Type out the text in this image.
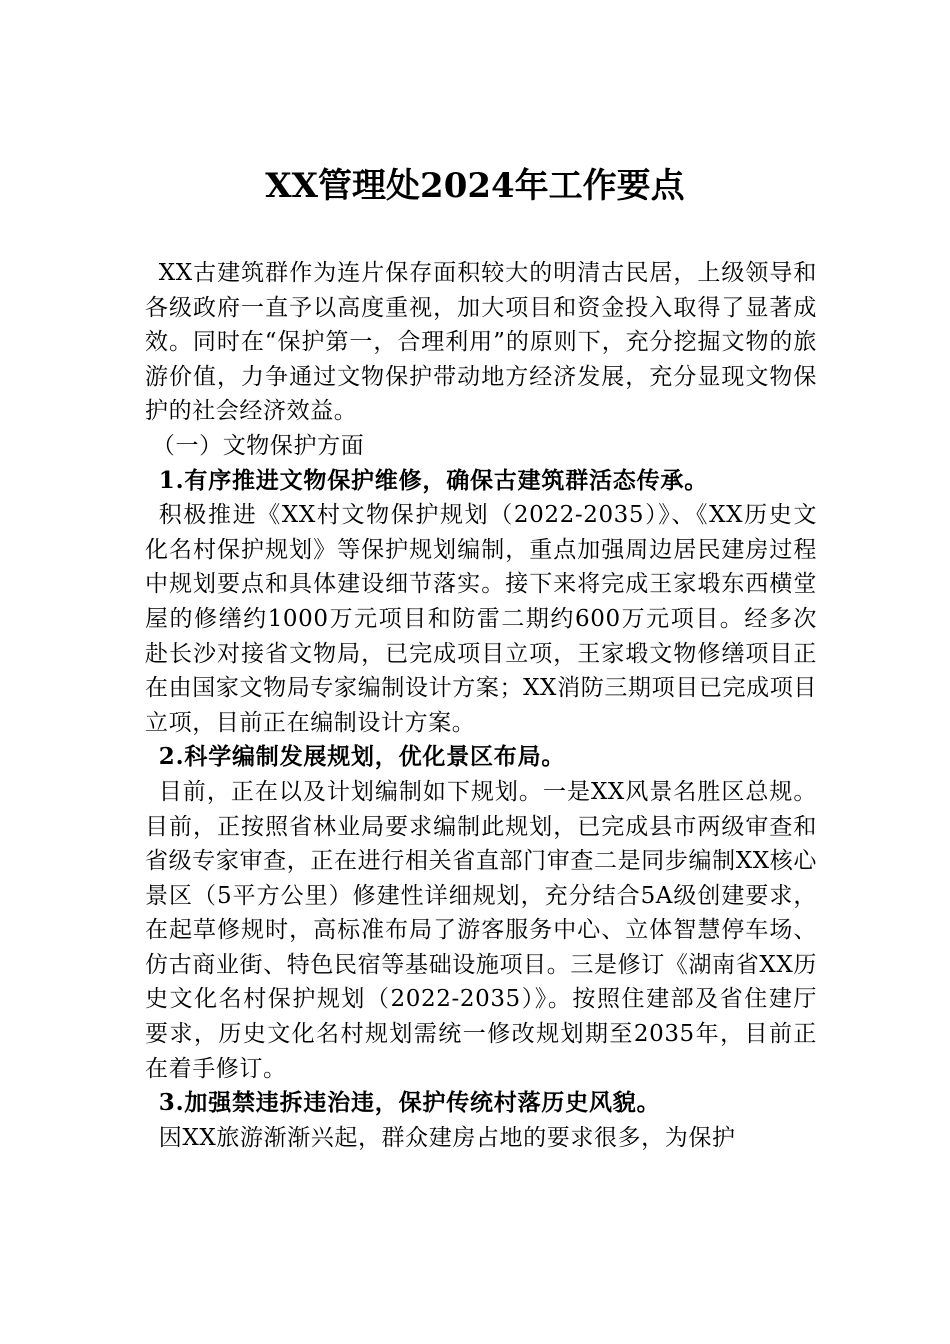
XX管理处2024年工作要点

XX古建筑群作为连片保存面积较大的明清古民居，上级领导和各级政府一直予以高度重视，加大项目和资金投入取得了显著成效。同时在“保护第一，合理利用”的原则下，充分挖掘文物的旅游价值，力争通过文物保护带动地方经济发展，充分显现文物保护的社会经济效益。

（一）文物保护方面

1.有序推进文物保护维修，确保古建筑群活态传承。

积极推进《XX村文物保护规划（2022-2035）》、《XX历史文化名村保护规划》等保护规划编制，重点加强周边居民建房过程中规划要点和具体建设细节落实。接下来将完成王家塅东西横堂屋的修缮约1000万元项目和防雷二期约600万元项目。经多次赴长沙对接省文物局，已完成项目立项，王家塅文物修缮项目正在由国家文物局专家编制设计方案；XX消防三期项目已完成项目立项，目前正在编制设计方案。

2.科学编制发展规划，优化景区布局。

目前，正在以及计划编制如下规划。一是XX风景名胜区总规。目前，正按照省林业局要求编制此规划，已完成县市两级审查和省级专家审查，正在进行相关省直部门审查二是同步编制XX核心景区（5平方公里）修建性详细规划，充分结合5A级创建要求，在起草修规时，高标准布局了游客服务中心、立体智慧停车场、仿古商业街、特色民宿等基础设施项目。三是修订《湖南省XX历史文化名村保护规划（2022-2035）》。按照住建部及省住建厅要求，历史文化名村规划需统一修改规划期至2035年，目前正在着手修订。

3.加强禁违拆违治违，保护传统村落历史风貌。

因XX旅游渐渐兴起，群众建房占地的要求很多，为保护
